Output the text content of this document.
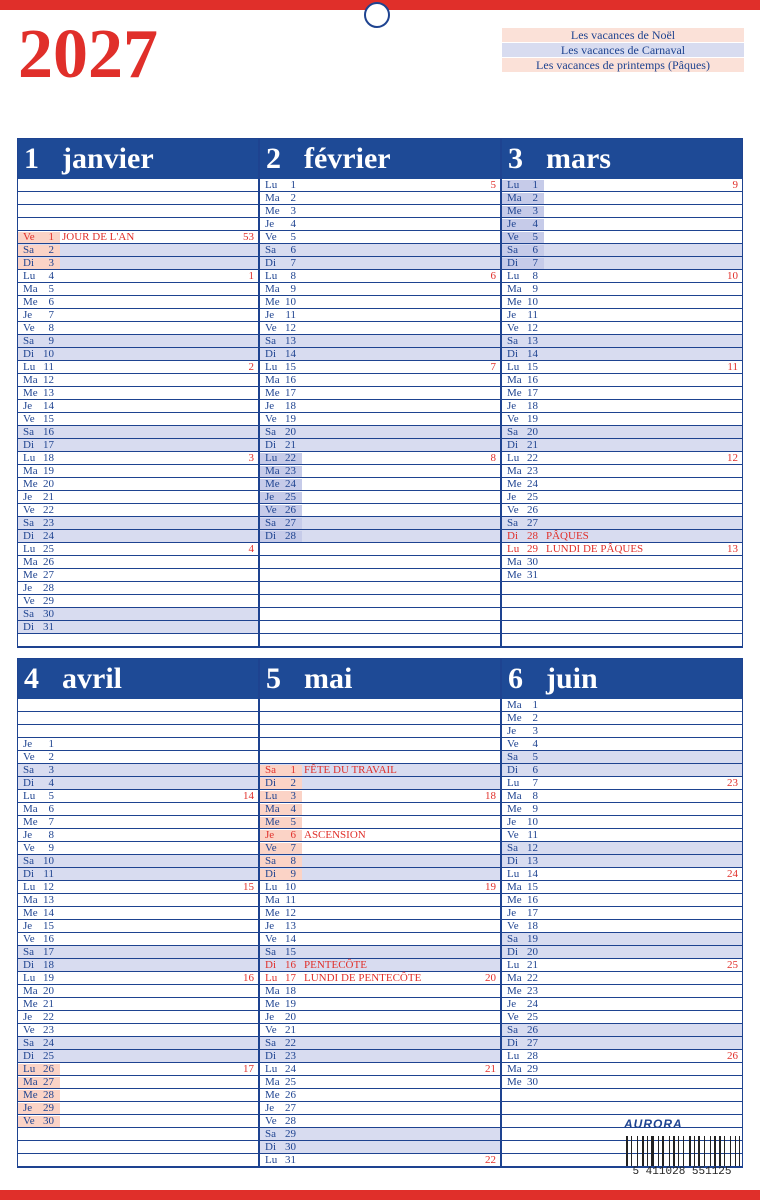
2027	Les vacances de Noël
Les vacances de Carnaval
Les vacances de printemps (Pâques)
1 janvier
Ve	1 JOUR DE L'AN	53
Sa	2
Di	3
Lu	4	1
Ma 5
Me 6
Je	7
Ve	8
Sa	9
Di 10
Lu 11	2
Ma 12
Me 13
Je 14
Ve 15
Sa 16
Di 17
Lu 18	3
Ma 19
Me 20
Je 21
Ve 22
Sa 23
Di 24
Lu 25	4
Ma 26
Me 27
Je 28
Ve 29
Sa 30
Di 31
2 février
Lu	1	5
Ma 2
Me 3
Je	4
Ve	5
Sa	6
Di	7
Lu	8	6
Ma 9
Me 10
Je	11
Ve 12
Sa 13
Di 14
Lu 15	7
Ma 16
Me 17
Je 18
Ve 19
Sa 20
Di 21
Lu 22	8
Ma 23
Me 24
Je 25
Ve 26
Sa 27
Di 28
3 mars
Lu	1	9
Ma 2
Me 3
Je	4
Ve	5
Sa	6
Di	7
Lu	8	10
Ma 9
Me 10
Je	11
Ve 12
Sa 13
Di 14
Lu 15	11
Ma 16
Me 17
Je 18
Ve 19
Sa 20
Di 21
Lu 22	12
Ma 23
Me 24
Je 25
Ve 26
Sa 27
Di 28 PÂQUES
Lu 29 LUNDI DE PÂQUES	13
Ma 30
Me 31
4 avril
Je	1
Ve	2
Sa	3
Di	4
Lu	5	14
Ma 6
Me 7
Je	8
Ve	9
Sa 10
Di 11
Lu 12	15
Ma 13
Me 14
Je 15
Ve 16
Sa 17
Di 18
Lu 19	16
Ma 20
Me 21
Je 22
Ve 23
Sa 24
Di 25
Lu 26	17
Ma 27
Me 28
Je 29
Ve 30
5 mai
Sa	1 FÊTE DU TRAVAIL
Di	2
Lu	3	18
Ma 4
Me 5
Je	6 ASCENSION
Ve	7
Sa	8
Di	9
Lu 10	19
Ma 11
Me 12
Je 13
Ve 14
Sa 15
Di 16 PENTECÔTE
Lu 17 LUNDI DE PENTECÔTE	20
Ma 18
Me 19
Je 20
Ve 21
Sa 22
Di 23
Lu 24	21
Ma 25
Me 26
Je 27
Ve 28
Sa 29
Di 30
Lu 31	22
6 juin
Ma 1
Me 2
Je	3
Ve	4
Sa	5
Di	6
Lu	7	23
Ma 8
Me 9
Je 10
Ve 11
Sa 12
Di 13
Lu 14	24
Ma 15
Me 16
Je 17
Ve 18
Sa 19
Di 20
Lu 21	25
Ma 22
Me 23
Je 24
Ve 25
Sa 26
Di 27
Lu 28	26
Ma 29
Me 30
AURORA
5 411028 551125
